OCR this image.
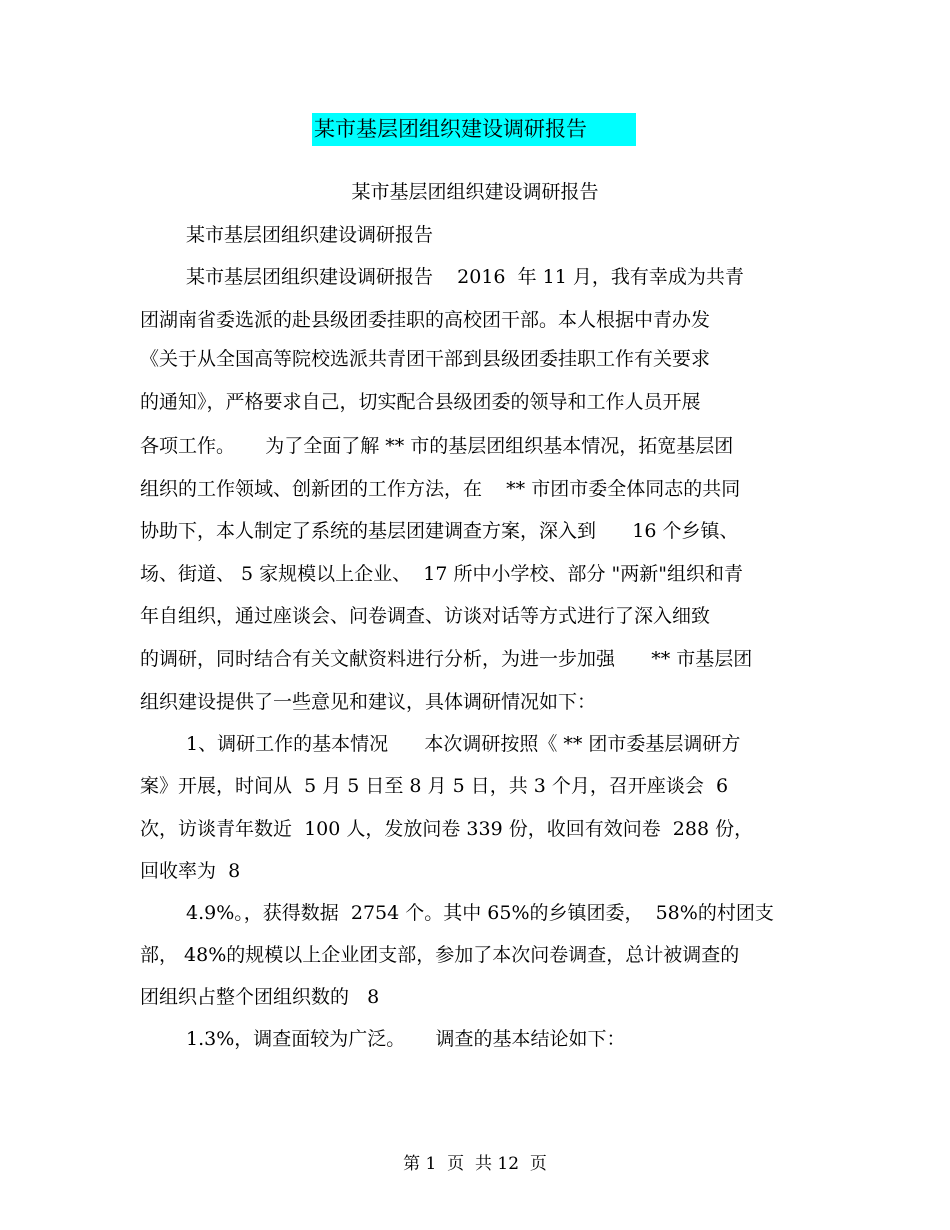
某市基层团组织建设调研报告
某市基层团组织建设调研报告
某市基层团组织建设调研报告
某市基层团组织建设调研报告    2016  年 11 月，我有幸成为共青
团湖南省委选派的赴县级团委挂职的高校团干部。本人根据中青办发
《关于从全国高等院校选派共青团干部到县级团委挂职工作有关要求
的通知》，严格要求自己，切实配合县级团委的领导和工作人员开展
各项工作。     为了全面了解 ** 市的基层团组织基本情况，拓宽基层团
组织的工作领域、创新团的工作方法，在    ** 市团市委全体同志的共同
协助下，本人制定了系统的基层团建调查方案，深入到      16 个乡镇、
场、街道、 5 家规模以上企业、  17 所中小学校、部分 "两新"组织和青
年自组织，通过座谈会、问卷调查、访谈对话等方式进行了深入细致
的调研，同时结合有关文献资料进行分析，为进一步加强      ** 市基层团
组织建设提供了一些意见和建议，具体调研情况如下：
1、调研工作的基本情况      本次调研按照《 ** 团市委基层调研方
案》开展，时间从  5 月 5 日至 8 月 5 日，共 3 个月，召开座谈会  6
次，访谈青年数近  100 人，发放问卷 339 份，收回有效问卷  288 份，
回收率为  8
4.9%。，获得数据  2754 个。其中 65%的乡镇团委，  58%的村团支
部， 48%的规模以上企业团支部，参加了本次问卷调查，总计被调查的
团组织占整个团组织数的   8
1.3%，调查面较为广泛。     调查的基本结论如下：
第 1  页  共 12  页
